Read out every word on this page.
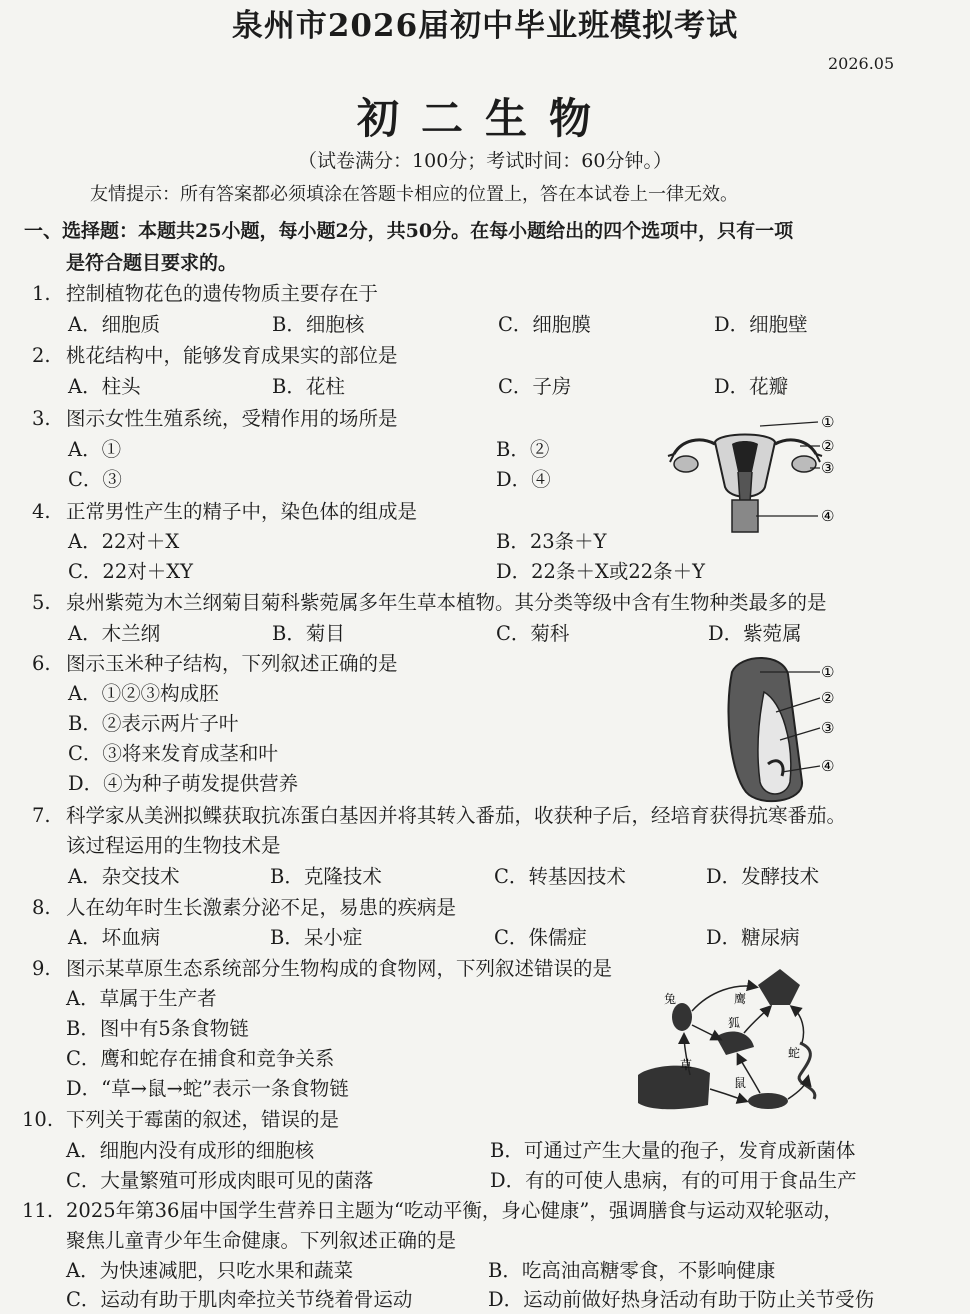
泉州市2026届初中毕业班模拟考试
2026.05
初二生物
（试卷满分：100分；考试时间：60分钟。）
友情提示：所有答案都必须填涂在答题卡相应的位置上，答在本试卷上一律无效。
一、选择题：本题共25小题，每小题2分，共50分。在每小题给出的四个选项中，只有一项
是符合题目要求的。
1. 控制植物花色的遗传物质主要存在于
A．细胞质	B．细胞核	C．细胞膜	D．细胞壁
2. 桃花结构中，能够发育成果实的部位是
A．柱头	B．花柱	C．子房	D．花瓣
3. 图示女性生殖系统，受精作用的场所是
A．①	B．②
C．③	D．④
4. 正常男性产生的精子中，染色体的组成是
A．22对＋X	B．23条＋Y
C．22对＋XY	D．22条＋X或22条＋Y
5. 泉州紫菀为木兰纲菊目菊科紫菀属多年生草本植物。其分类等级中含有生物种类最多的是
A．木兰纲	B．菊目	C．菊科	D．紫菀属
6. 图示玉米种子结构，下列叙述正确的是
A．①②③构成胚
B．②表示两片子叶
C．③将来发育成茎和叶
D．④为种子萌发提供营养
7. 科学家从美洲拟鲽获取抗冻蛋白基因并将其转入番茄，收获种子后，经培育获得抗寒番茄。
该过程运用的生物技术是
A．杂交技术	B．克隆技术	C．转基因技术	D．发酵技术
8. 人在幼年时生长激素分泌不足，易患的疾病是
A．坏血病	B．呆小症	C．侏儒症	D．糖尿病
9. 图示某草原生态系统部分生物构成的食物网，下列叙述错误的是
A．草属于生产者
B．图中有5条食物链
C．鹰和蛇存在捕食和竞争关系
D．“草→鼠→蛇”表示一条食物链
10. 下列关于霉菌的叙述，错误的是
A．细胞内没有成形的细胞核	B．可通过产生大量的孢子，发育成新菌体
C．大量繁殖可形成肉眼可见的菌落	D．有的可使人患病，有的可用于食品生产
11. 2025年第36届中国学生营养日主题为“吃动平衡，身心健康”，强调膳食与运动双轮驱动，
聚焦儿童青少年生命健康。下列叙述正确的是
A．为快速减肥，只吃水果和蔬菜	B．吃高油高糖零食，不影响健康
C．运动有助于肌肉牵拉关节绕着骨运动	D．运动前做好热身活动有助于防止关节受伤
①
②
③
④
①
②
③
④
兔	鹰
狐
蛇
草
鼠
